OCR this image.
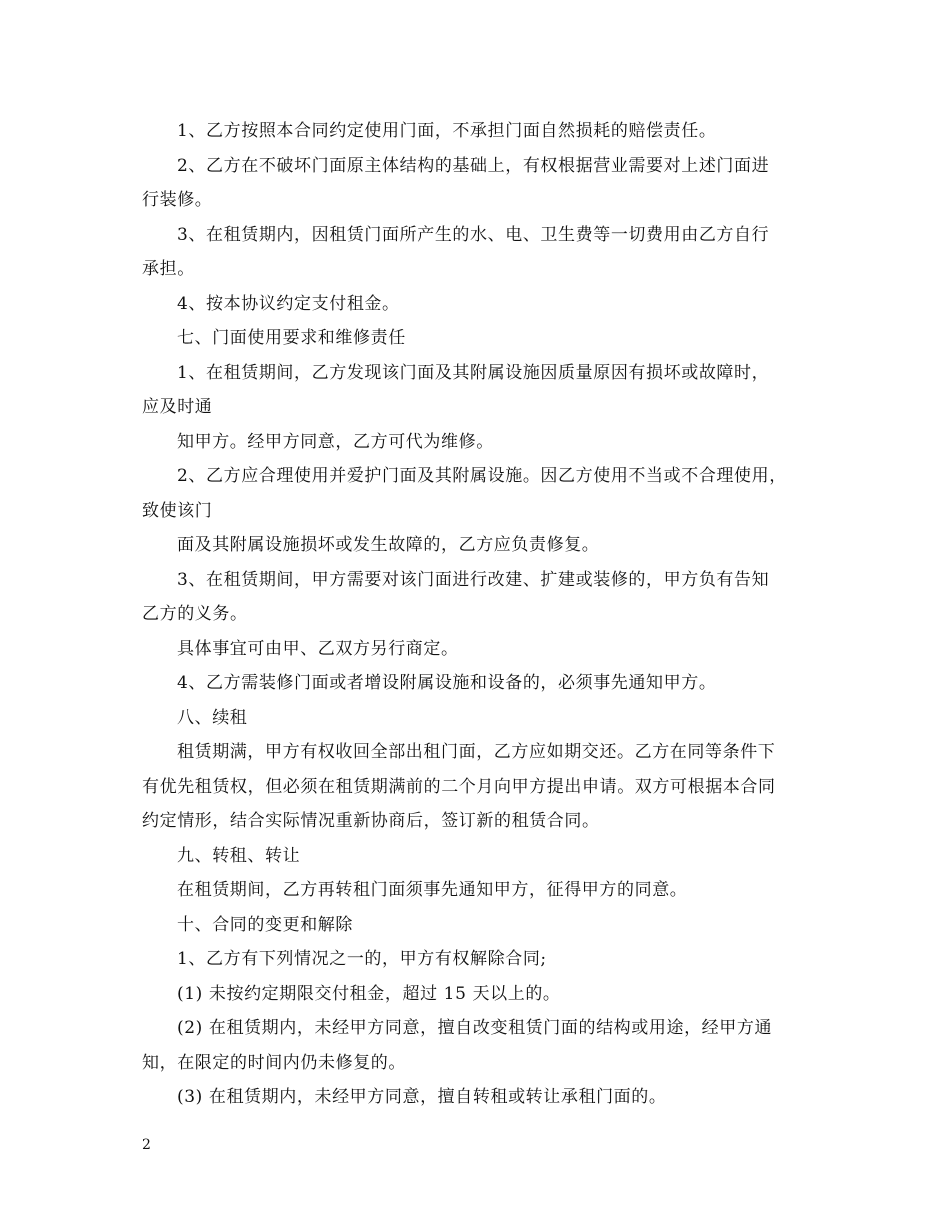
1、乙方按照本合同约定使用门面，不承担门面自然损耗的赔偿责任。
2、乙方在不破坏门面原主体结构的基础上，有权根据营业需要对上述门面进
行装修。
3、在租赁期内，因租赁门面所产生的水、电、卫生费等一切费用由乙方自行
承担。
4、按本协议约定支付租金。
七、门面使用要求和维修责任
1、在租赁期间，乙方发现该门面及其附属设施因质量原因有损坏或故障时，
应及时通
知甲方。经甲方同意，乙方可代为维修。
2、乙方应合理使用并爱护门面及其附属设施。因乙方使用不当或不合理使用，
致使该门
面及其附属设施损坏或发生故障的，乙方应负责修复。
3、在租赁期间，甲方需要对该门面进行改建、扩建或装修的，甲方负有告知
乙方的义务。
具体事宜可由甲、乙双方另行商定。
4、乙方需装修门面或者增设附属设施和设备的，必须事先通知甲方。
八、续租
租赁期满，甲方有权收回全部出租门面，乙方应如期交还。乙方在同等条件下
有优先租赁权，但必须在租赁期满前的二个月向甲方提出申请。双方可根据本合同
约定情形，结合实际情况重新协商后，签订新的租赁合同。
九、转租、转让
在租赁期间，乙方再转租门面须事先通知甲方，征得甲方的同意。
十、合同的变更和解除
1、乙方有下列情况之一的，甲方有权解除合同;
(1) 未按约定期限交付租金，超过 15 天以上的。
(2) 在租赁期内，未经甲方同意，擅自改变租赁门面的结构或用途，经甲方通
知，在限定的时间内仍未修复的。
(3) 在租赁期内，未经甲方同意，擅自转租或转让承租门面的。
2
